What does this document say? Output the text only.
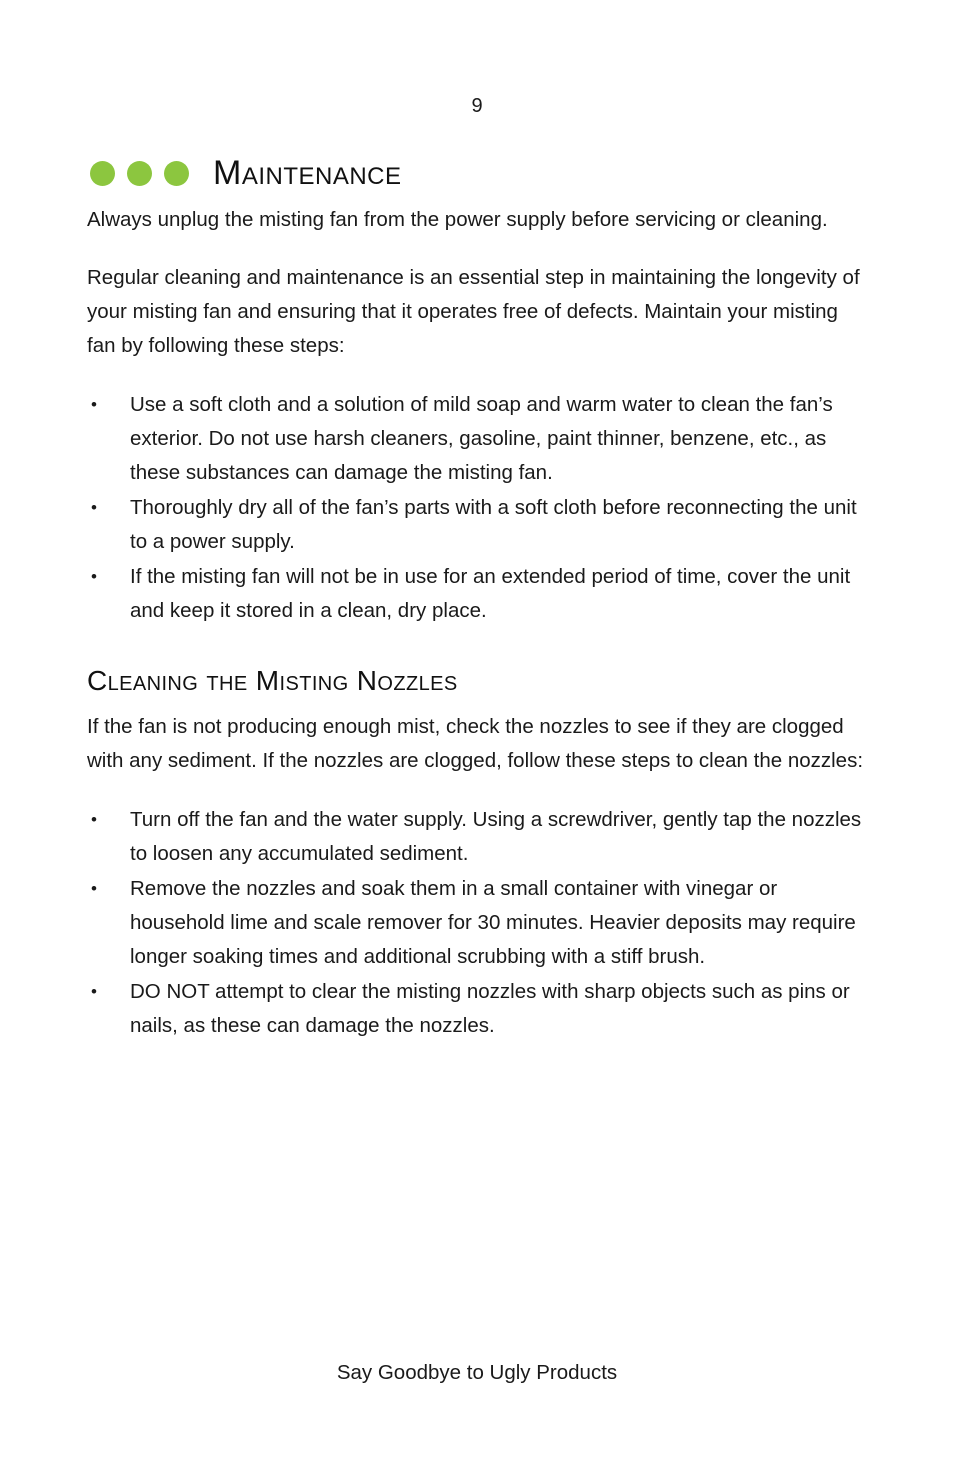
9
Maintenance

Always unplug the misting fan from the power supply before servicing or cleaning.

Regular cleaning and maintenance is an essential step in maintaining the longevity of your misting fan and ensuring that it operates free of defects. Maintain your misting fan by following these steps:

• Use a soft cloth and a solution of mild soap and warm water to clean the fan’s exterior. Do not use harsh cleaners, gasoline, paint thinner, benzene, etc., as these substances can damage the misting fan.
• Thoroughly dry all of the fan’s parts with a soft cloth before reconnecting the unit to a power supply.
• If the misting fan will not be in use for an extended period of time, cover the unit and keep it stored in a clean, dry place.
Cleaning the Misting Nozzles

If the fan is not producing enough mist, check the nozzles to see if they are clogged with any sediment. If the nozzles are clogged, follow these steps to clean the nozzles:

• Turn off the fan and the water supply. Using a screwdriver, gently tap the nozzles to loosen any accumulated sediment.
• Remove the nozzles and soak them in a small container with vinegar or household lime and scale remover for 30 minutes. Heavier deposits may require longer soaking times and additional scrubbing with a stiff brush.
• DO NOT attempt to clear the misting nozzles with sharp objects such as pins or nails, as these can damage the nozzles.
Say Goodbye to Ugly Products
